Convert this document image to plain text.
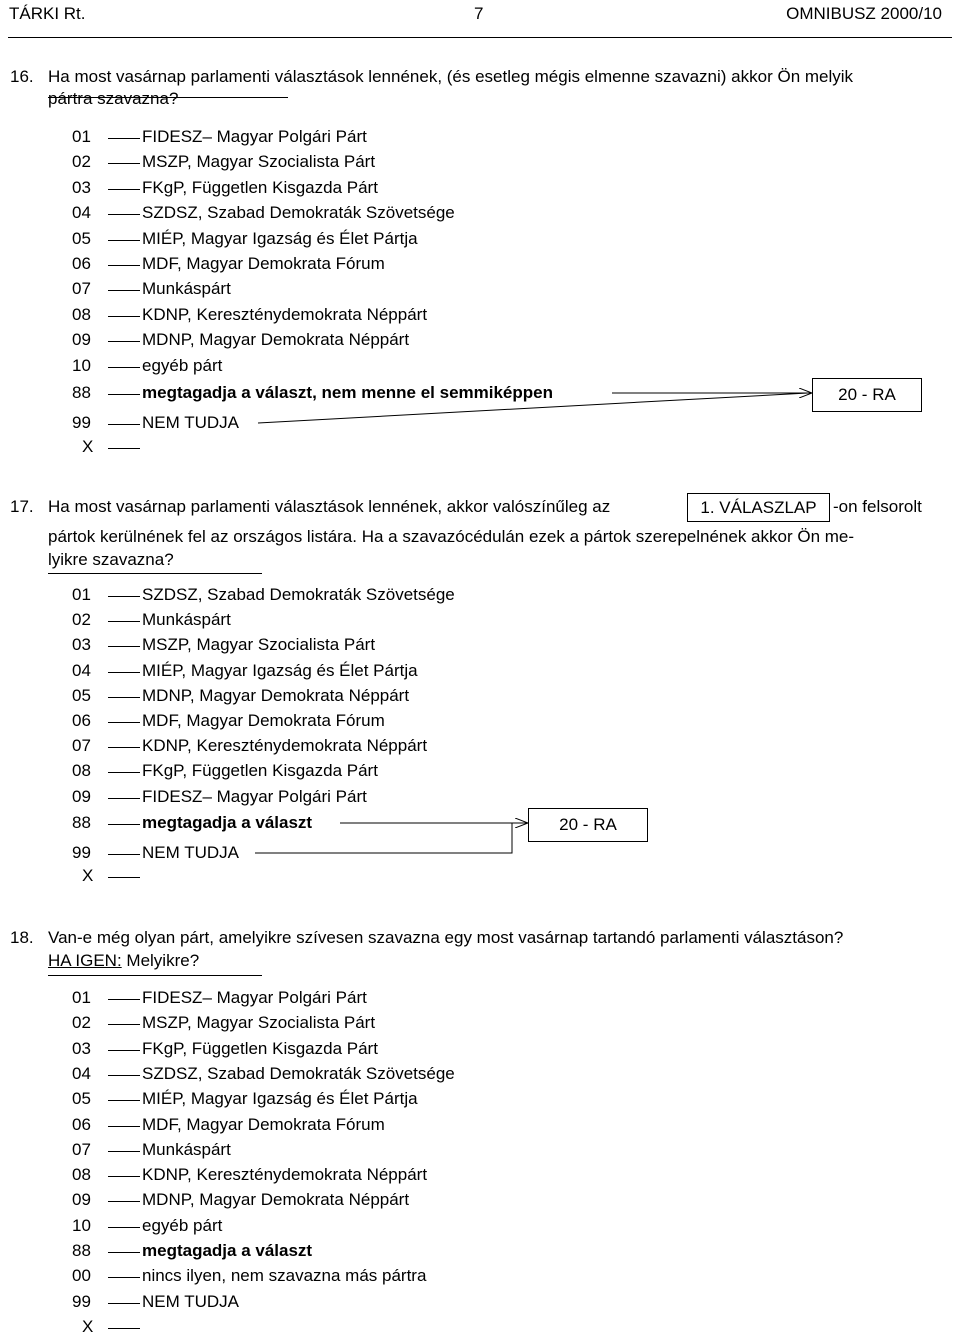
TÁRKI Rt.	7	OMNIBUSZ 2000/10
16. Ha most vasárnap parlamenti választások lennének, (és esetleg mégis elmenne szavazni) akkor Ön melyik
pártra szavazna?
01	FIDESZ– Magyar Polgári Párt
02	MSZP, Magyar Szocialista Párt
03	FKgP, Független Kisgazda Párt
04	SZDSZ, Szabad Demokraták Szövetsége
05	MIÉP, Magyar Igazság és Élet Pártja
06	MDF, Magyar Demokrata Fórum
07	Munkáspárt
08	KDNP, Kereszténydemokrata Néppárt
09	MDNP, Magyar Demokrata Néppárt
10	egyéb párt
88	megtagadja a választ, nem menne el semmiképpen
99	NEM TUDJA
X
20 - RA
17. Ha most vasárnap parlamenti választások lennének, akkor valószínűleg az	1. VÁLASZLAP -on felsorolt
pártok kerülnének fel az országos listára. Ha a szavazócédulán ezek a pártok szerepelnének akkor Ön me-
lyikre szavazna?
01	SZDSZ, Szabad Demokraták Szövetsége
02	Munkáspárt
03	MSZP, Magyar Szocialista Párt
04	MIÉP, Magyar Igazság és Élet Pártja
05	MDNP, Magyar Demokrata Néppárt
06	MDF, Magyar Demokrata Fórum
07	KDNP, Kereszténydemokrata Néppárt
08	FKgP, Független Kisgazda Párt
09	FIDESZ– Magyar Polgári Párt
88	megtagadja a választ
99	NEM TUDJA
X
20 - RA
18. Van-e még olyan párt, amelyikre szívesen szavazna egy most vasárnap tartandó parlamenti választáson?
HA IGEN: Melyikre?
01	FIDESZ– Magyar Polgári Párt
02	MSZP, Magyar Szocialista Párt
03	FKgP, Független Kisgazda Párt
04	SZDSZ, Szabad Demokraták Szövetsége
05	MIÉP, Magyar Igazság és Élet Pártja
06	MDF, Magyar Demokrata Fórum
07	Munkáspárt
08	KDNP, Kereszténydemokrata Néppárt
09	MDNP, Magyar Demokrata Néppárt
10	egyéb párt
88	megtagadja a választ
00	nincs ilyen, nem szavazna más pártra
99	NEM TUDJA
X
